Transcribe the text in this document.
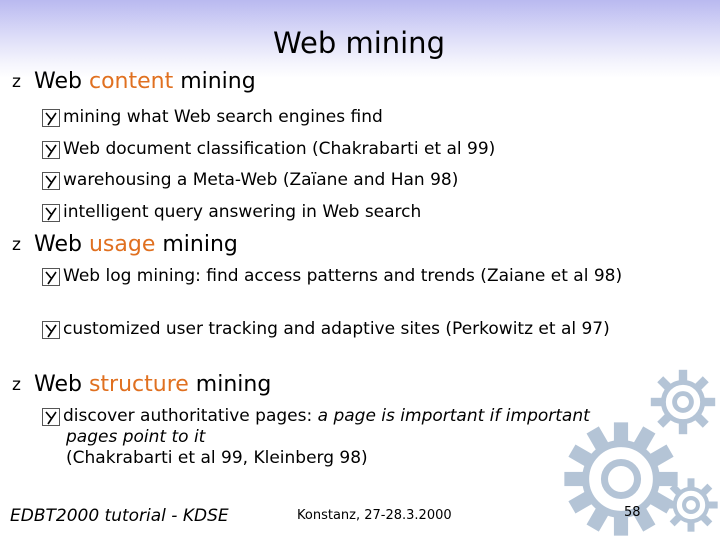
Web mining
z Web content mining
mining what Web search engines find
Web document classification (Chakrabarti et al 99)
warehousing a Meta-Web (Zaïane and Han 98)
intelligent query answering in Web search
z Web usage mining
Web log mining: find access patterns and trends (Zaiane et al 98)
customized user tracking and adaptive sites (Perkowitz et al 97)
z Web structure mining
discover authoritative pages: a page is important if important pages point to it
(Chakrabarti et al 99, Kleinberg 98)
EDBT2000 tutorial - KDSE	Konstanz, 27-28.3.2000	58
